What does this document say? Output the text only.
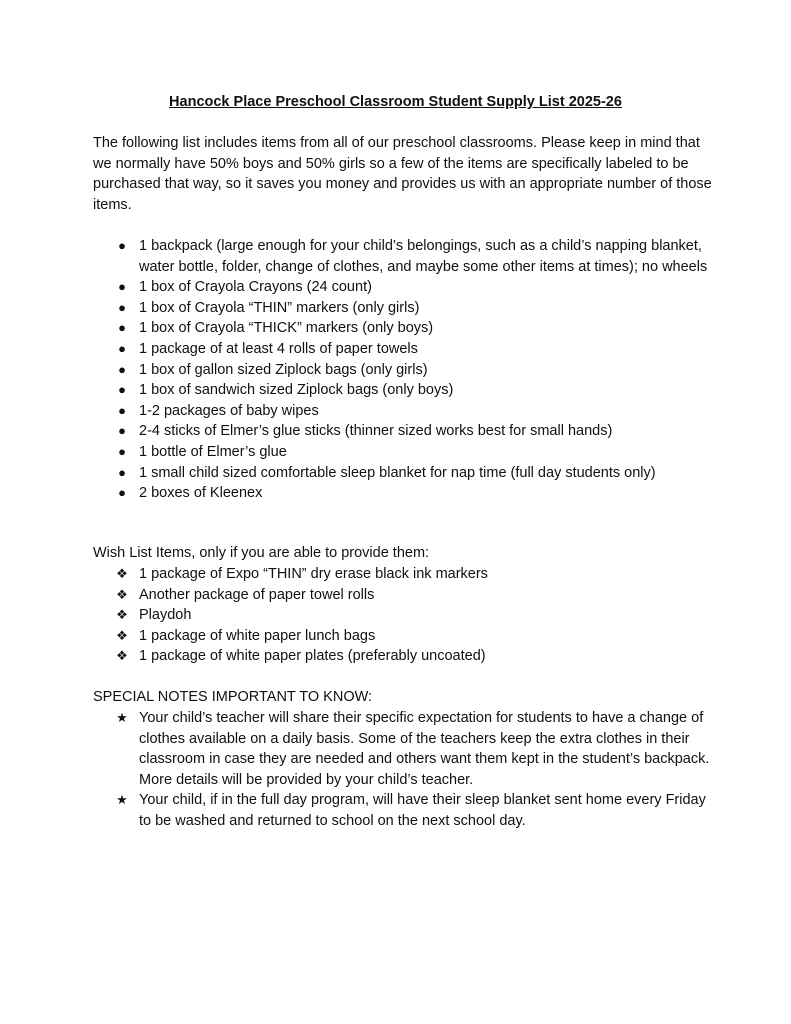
Hancock Place Preschool Classroom Student Supply List 2025-26

The following list includes items from all of our preschool classrooms. Please keep in mind that we normally have 50% boys and 50% girls so a few of the items are specifically labeled to be purchased that way, so it saves you money and provides us with an appropriate number of those items.

● 1 backpack (large enough for your child’s belongings, such as a child’s napping blanket, water bottle, folder, change of clothes, and maybe some other items at times); no wheels
● 1 box of Crayola Crayons (24 count)
● 1 box of Crayola “THIN” markers (only girls)
● 1 box of Crayola “THICK” markers (only boys)
● 1 package of at least 4 rolls of paper towels
● 1 box of gallon sized Ziplock bags (only girls)
● 1 box of sandwich sized Ziplock bags (only boys)
● 1-2 packages of baby wipes
● 2-4 sticks of Elmer’s glue sticks (thinner sized works best for small hands)
● 1 bottle of Elmer’s glue
● 1 small child sized comfortable sleep blanket for nap time (full day students only)
● 2 boxes of Kleenex

Wish List Items, only if you are able to provide them:

❖ 1 package of Expo “THIN” dry erase black ink markers
❖ Another package of paper towel rolls
❖ Playdoh
❖ 1 package of white paper lunch bags
❖ 1 package of white paper plates (preferably uncoated)

SPECIAL NOTES IMPORTANT TO KNOW:

★ Your child’s teacher will share their specific expectation for students to have a change of clothes available on a daily basis. Some of the teachers keep the extra clothes in their classroom in case they are needed and others want them kept in the student’s backpack. More details will be provided by your child’s teacher.
★ Your child, if in the full day program, will have their sleep blanket sent home every Friday to be washed and returned to school on the next school day.
